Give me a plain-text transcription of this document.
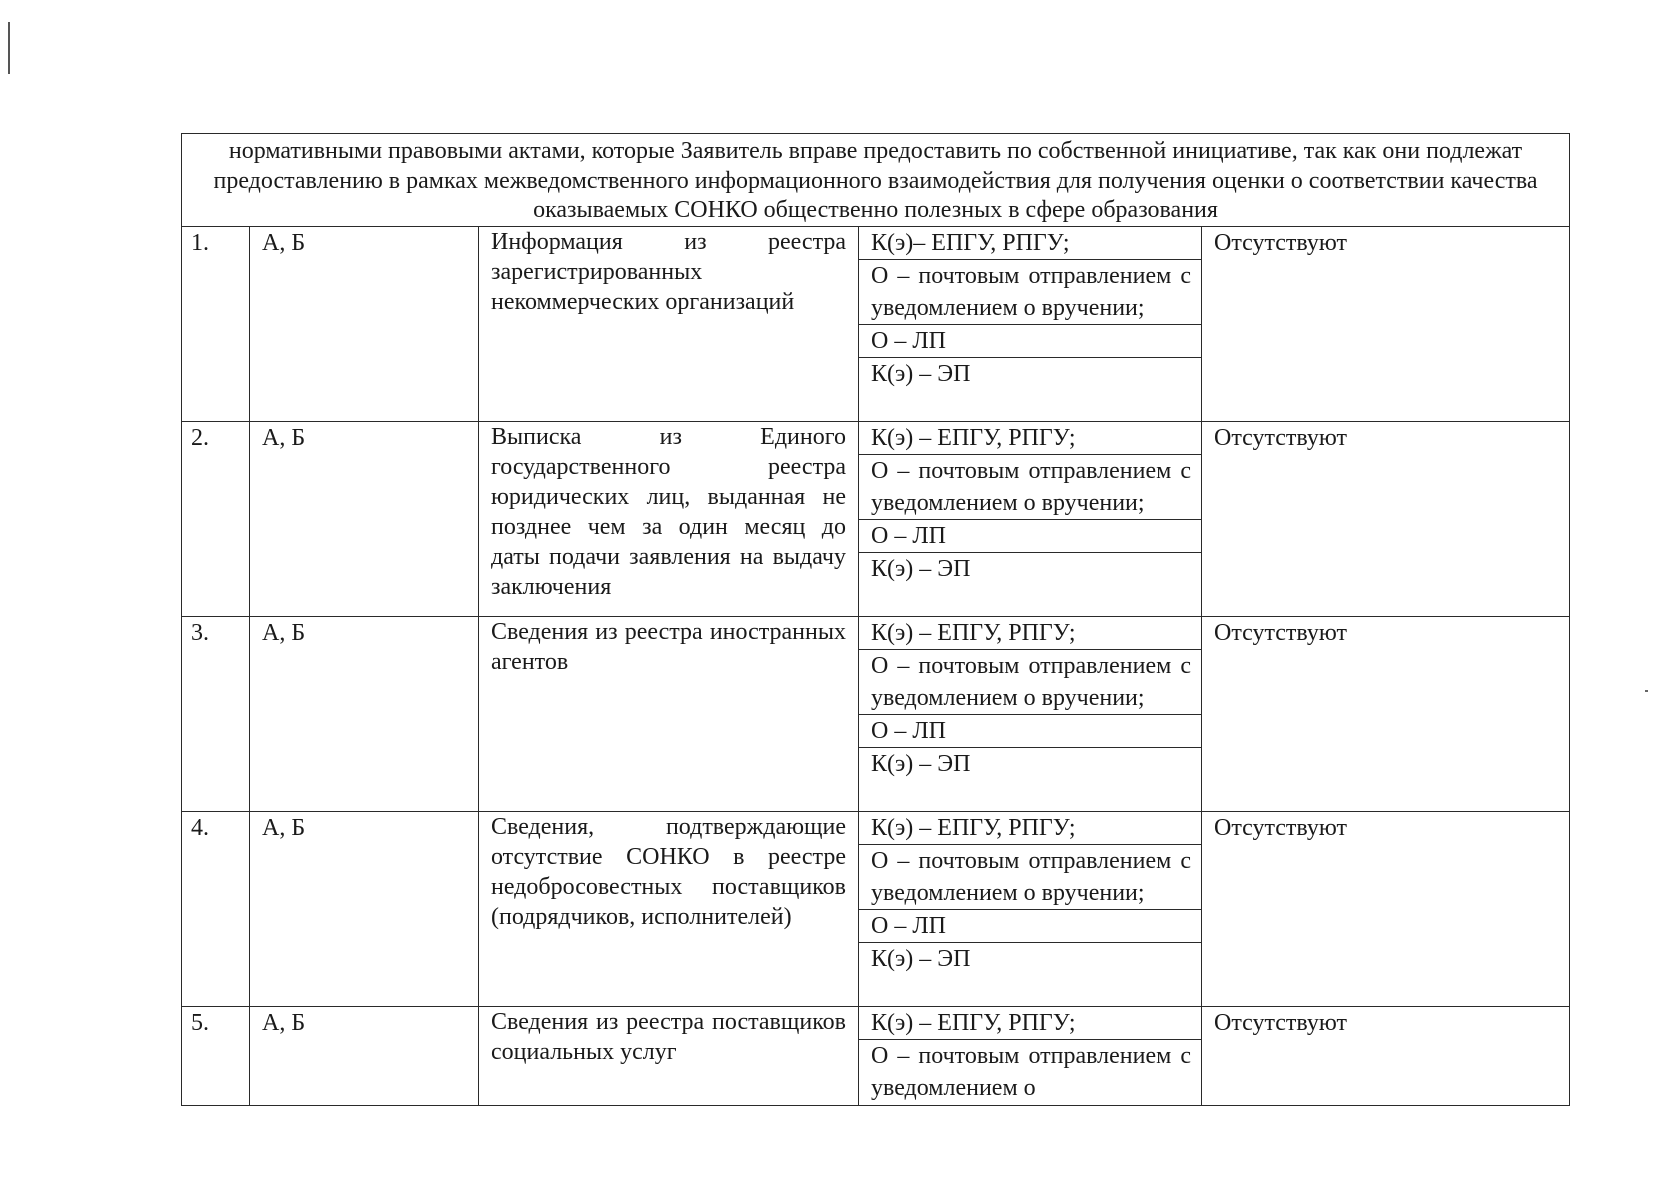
нормативными правовыми актами, которые Заявитель вправе предоставить по собственной инициативе, так как они подлежат предоставлению в рамках межведомственного информационного взаимодействия для получения оценки о соответствии качества оказываемых СОНКО общественно полезных в сфере образования				
1.	А, Б	Информация из реестра зарегистрированных некоммерческих организаций	К(э)– ЕПГУ, РПГУ;
О – почтовым отправлением с уведомлением о вручении;
О – ЛП
К(э) – ЭП	Отсутствуют
2.	А, Б	Выписка из Единого государственного реестра юридических лиц, выданная не позднее чем за один месяц до даты подачи заявления на выдачу заключения	К(э) – ЕПГУ, РПГУ;
О – почтовым отправлением с уведомлением о вручении;
О – ЛП
К(э) – ЭП	Отсутствуют
3.	А, Б	Сведения из реестра иностранных агентов	К(э) – ЕПГУ, РПГУ;
О – почтовым отправлением с уведомлением о вручении;
О – ЛП
К(э) – ЭП	Отсутствуют
4.	А, Б	Сведения, подтверждающие отсутствие СОНКО в реестре недобросовестных поставщиков (подрядчиков, исполнителей)	К(э) – ЕПГУ, РПГУ;
О – почтовым отправлением с уведомлением о вручении;
О – ЛП
К(э) – ЭП	Отсутствуют
5.	А, Б	Сведения из реестра поставщиков социальных услуг	К(э) – ЕПГУ, РПГУ;
О – почтовым отправлением с уведомлением о	Отсутствуют
